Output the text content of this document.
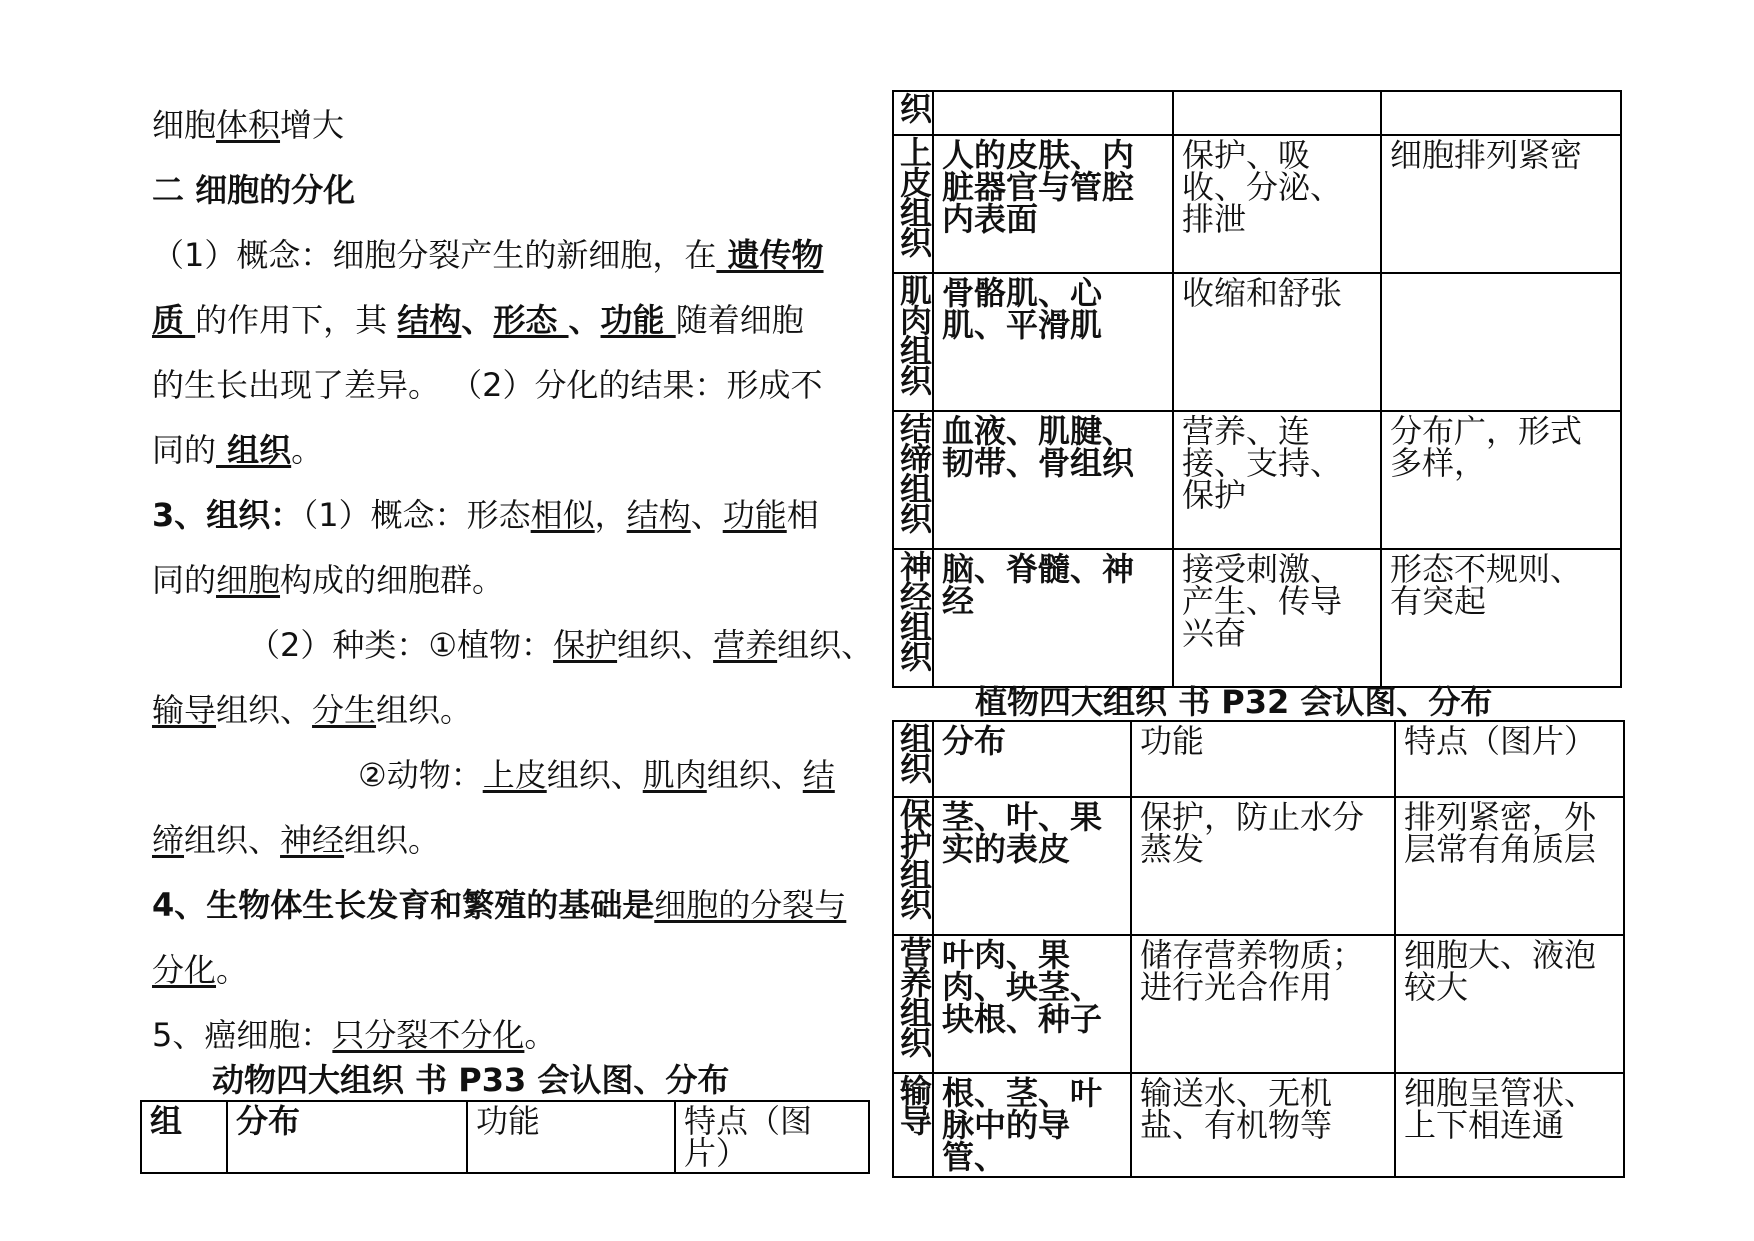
细胞体积增大
二 细胞的分化
（1）概念：细胞分裂产生的新细胞，在 遗传物
质 的作用下，其 结构、形态 、功能 随着细胞
的生长出现了差异。 （2）分化的结果：形成不
同的 组织。
3、组织：（1）概念：形态相似，结构、功能相
同的细胞构成的细胞群。
（2）种类：①植物：保护组织、营养组织、
输导组织、分生组织。
②动物：上皮组织、肌肉组织、结
缔组织、神经组织。
4、生物体生长发育和繁殖的基础是细胞的分裂与
分化。
5、癌细胞：只分裂不分化。
动物四大组织 书 P33 会认图、分布
组	分布	功能	特点（图片）
织			
上皮组织	人的皮肤、内脏器官与管腔内表面	保护、吸收、分泌、排泄	细胞排列紧密
肌肉组织	骨骼肌、心肌、平滑肌	收缩和舒张	
结缔组织	血液、肌腱、韧带、骨组织	营养、连接、支持、保护	分布广，形式多样，
神经组织	脑、脊髓、神经	接受刺激、产生、传导兴奋	形态不规则、有突起
植物四大组织 书 P32 会认图、分布
组织	分布	功能	特点（图片）
保护组织	茎、叶、果实的表皮	保护，防止水分蒸发	排列紧密，外层常有角质层
营养组织	叶肉、果肉、块茎、块根、种子	储存营养物质；进行光合作用	细胞大、液泡较大
输导	根、茎、叶脉中的导管、	输送水、无机盐、有机物等	细胞呈管状、上下相连通
